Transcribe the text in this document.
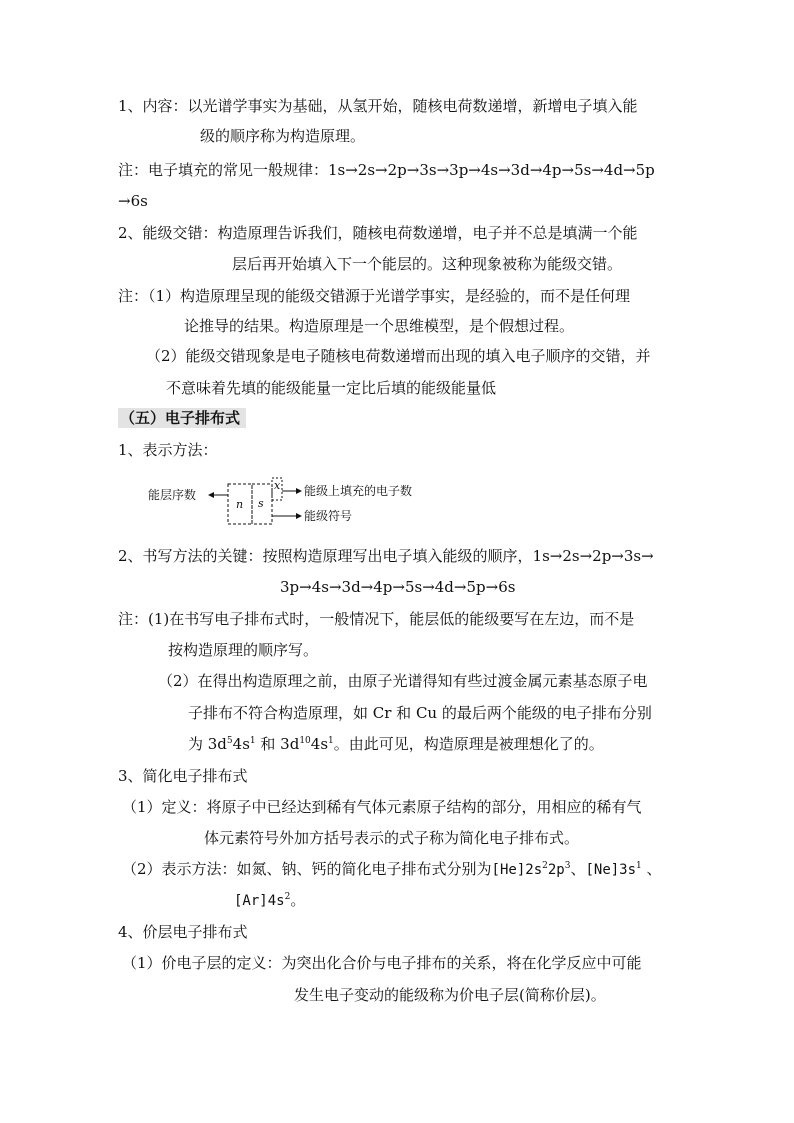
1、内容：以光谱学事实为基础，从氢开始，随核电荷数递增，新增电子填入能
级的顺序称为构造原理。
注：电子填充的常见一般规律：1s→2s→2p→3s→3p→4s→3d→4p→5s→4d→5p
→6s
2、能级交错：构造原理告诉我们，随核电荷数递增，电子并不总是填满一个能
层后再开始填入下一个能层的。这种现象被称为能级交错。
注：（1）构造原理呈现的能级交错源于光谱学事实，是经验的，而不是任何理
论推导的结果。构造原理是一个思维模型，是个假想过程。
（2）能级交错现象是电子随核电荷数递增而出现的填入电子顺序的交错，并
不意味着先填的能级能量一定比后填的能级能量低
（五）电子排布式
1、表示方法：
能层序数
n s
x 能级上填充的电子数
能级符号
2、书写方法的关键：按照构造原理写出电子填入能级的顺序，1s→2s→2p→3s→
3p→4s→3d→4p→5s→4d→5p→6s
注：(1)在书写电子排布式时，一般情况下，能层低的能级要写在左边，而不是
按构造原理的顺序写。
（2）在得出构造原理之前，由原子光谱得知有些过渡金属元素基态原子电
子排布不符合构造原理，如 Cr 和 Cu 的最后两个能级的电子排布分别
为 $3d^54s^1$ 和 $3d^{10}4s^1$。由此可见，构造原理是被理想化了的。
3、简化电子排布式
（1）定义：将原子中已经达到稀有气体元素原子结构的部分，用相应的稀有气
体元素符号外加方括号表示的式子称为简化电子排布式。
（2）表示方法：如氮、钠、钙的简化电子排布式分别为$[He]2s^22p^3$、$[Ne]3s^1$ 、
$[Ar]4s^2$。
4、价层电子排布式
（1）价电子层的定义：为突出化合价与电子排布的关系，将在化学反应中可能
发生电子变动的能级称为价电子层(简称价层)。
